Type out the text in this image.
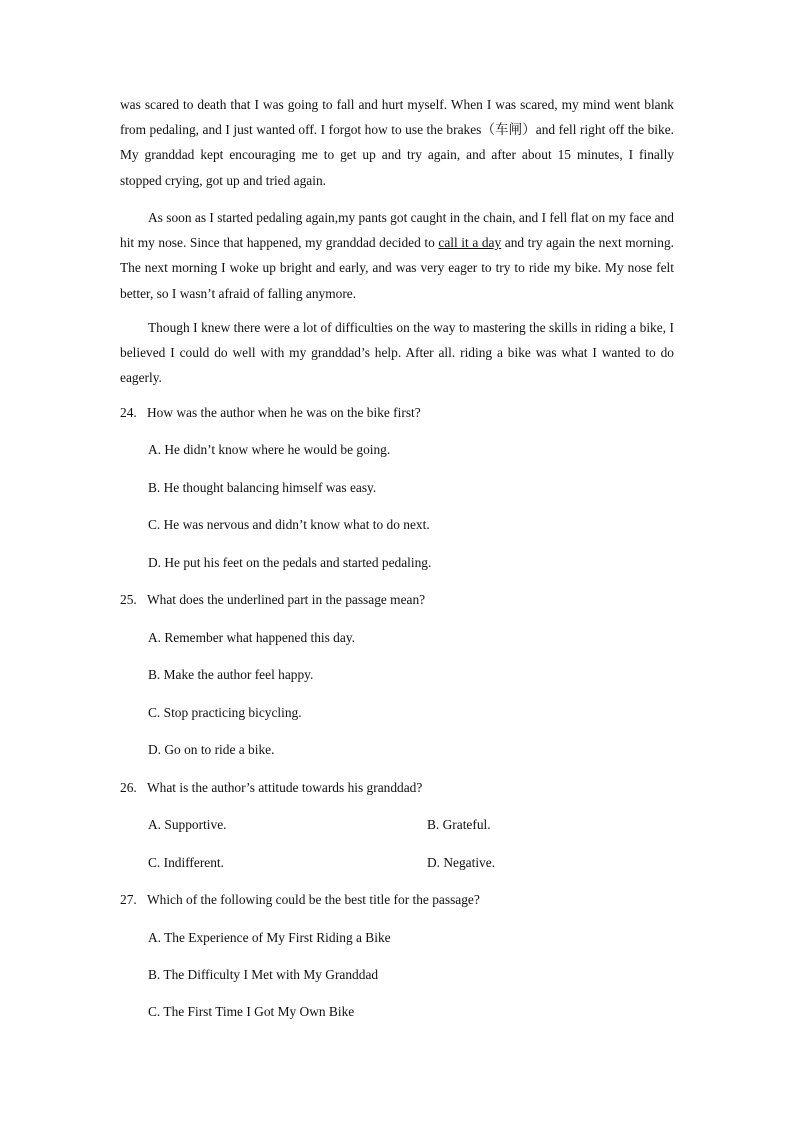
was scared to death that I was going to fall and hurt myself. When I was scared, my mind went blank from pedaling, and I just wanted off. I forgot how to use the brakes（车闸）and fell right off the bike. My granddad kept encouraging me to get up and try again, and after about 15 minutes, I finally stopped crying, got up and tried again.

As soon as I started pedaling again,my pants got caught in the chain, and I fell flat on my face and hit my nose. Since that happened, my granddad decided to call it a day and try again the next morning. The next morning I woke up bright and early, and was very eager to try to ride my bike. My nose felt better, so I wasn’t afraid of falling anymore.

Though I knew there were a lot of difficulties on the way to mastering the skills in riding a bike, I believed I could do well with my granddad’s help. After all. riding a bike was what I wanted to do eagerly.

24. How was the author when he was on the bike first?

A. He didn’t know where he would be going.

B. He thought balancing himself was easy.

C. He was nervous and didn’t know what to do next.

D. He put his feet on the pedals and started pedaling.

25. What does the underlined part in the passage mean?

A. Remember what happened this day.

B. Make the author feel happy.

C. Stop practicing bicycling.

D. Go on to ride a bike.

26. What is the author’s attitude towards his granddad?

A. Supportive.	B. Grateful.

C. Indifferent.	D. Negative.

27. Which of the following could be the best title for the passage?

A. The Experience of My First Riding a Bike

B. The Difficulty I Met with My Granddad

C. The First Time I Got My Own Bike
